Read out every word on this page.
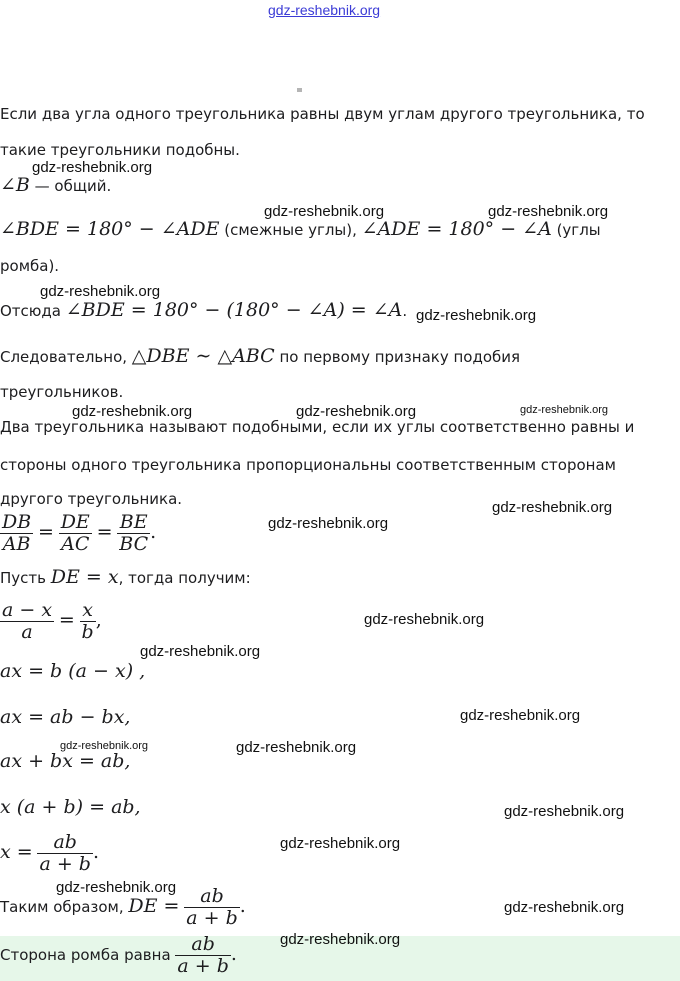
gdz-reshebnik.org
gdz-reshebnik.org
gdz-reshebnik.org	gdz-reshebnik.org
gdz-reshebnik.org
gdz-reshebnik.org
gdz-reshebnik.org	gdz-reshebnik.org	gdz-reshebnik.org
gdz-reshebnik.org
gdz-reshebnik.org
gdz-reshebnik.org
gdz-reshebnik.org
gdz-reshebnik.org
gdz-reshebnik.org	gdz-reshebnik.org
gdz-reshebnik.org
gdz-reshebnik.org
gdz-reshebnik.org
gdz-reshebnik.org
gdz-reshebnik.org
Если два угла одного треугольника равны двум углам другого треугольника, то
такие треугольники подобны.
∠B — общий.
∠BDE = 180° − ∠ADE (смежные углы), ∠ADE = 180° − ∠A (углы
ромба).
Отсюда ∠BDE = 180° − (180° − ∠A) = ∠A.
Следовательно, △DBE ∼ △ABC по первому признаку подобия
треугольников.
Два треугольника называют подобными, если их углы соответственно равны и
стороны одного треугольника пропорциональны соответственным сторонам
другого треугольника.
$\frac{DB}{AB} = \frac{DE}{AC} = \frac{BE}{BC}$ .
Пусть DE = x, тогда получим:
$\frac{a - x}{a} = \frac{x}{b}$ ,
ax = b (a − x) ,
ax = ab − bx,
ax + bx = ab,
x (a + b) = ab,
$x = \frac{ab}{a + b}$ .
Таким образом, DE = $\frac{ab}{a + b}$ .
Сторона ромба равна $\frac{ab}{a + b}$ .
